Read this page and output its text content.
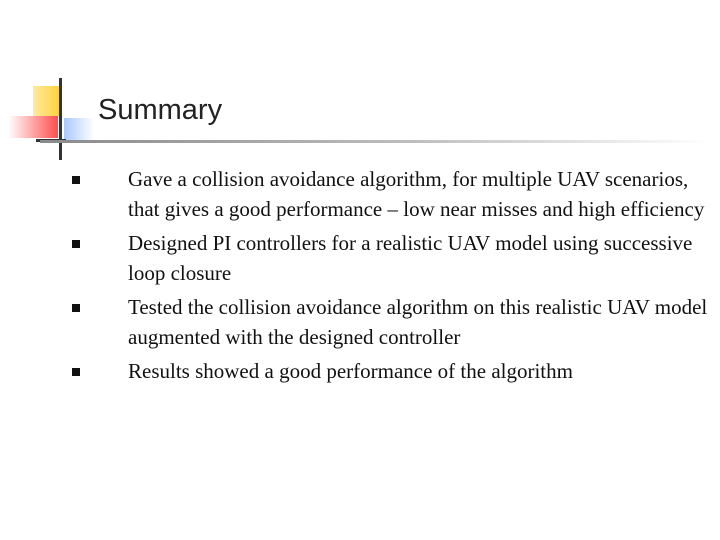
Summary
Gave a collision avoidance algorithm, for multiple UAV scenarios, that gives a good performance – low near misses and high efficiency
Designed PI controllers for a realistic UAV model using successive loop closure
Tested the collision avoidance algorithm on this realistic UAV model augmented with the designed controller
Results showed a good performance of the algorithm
